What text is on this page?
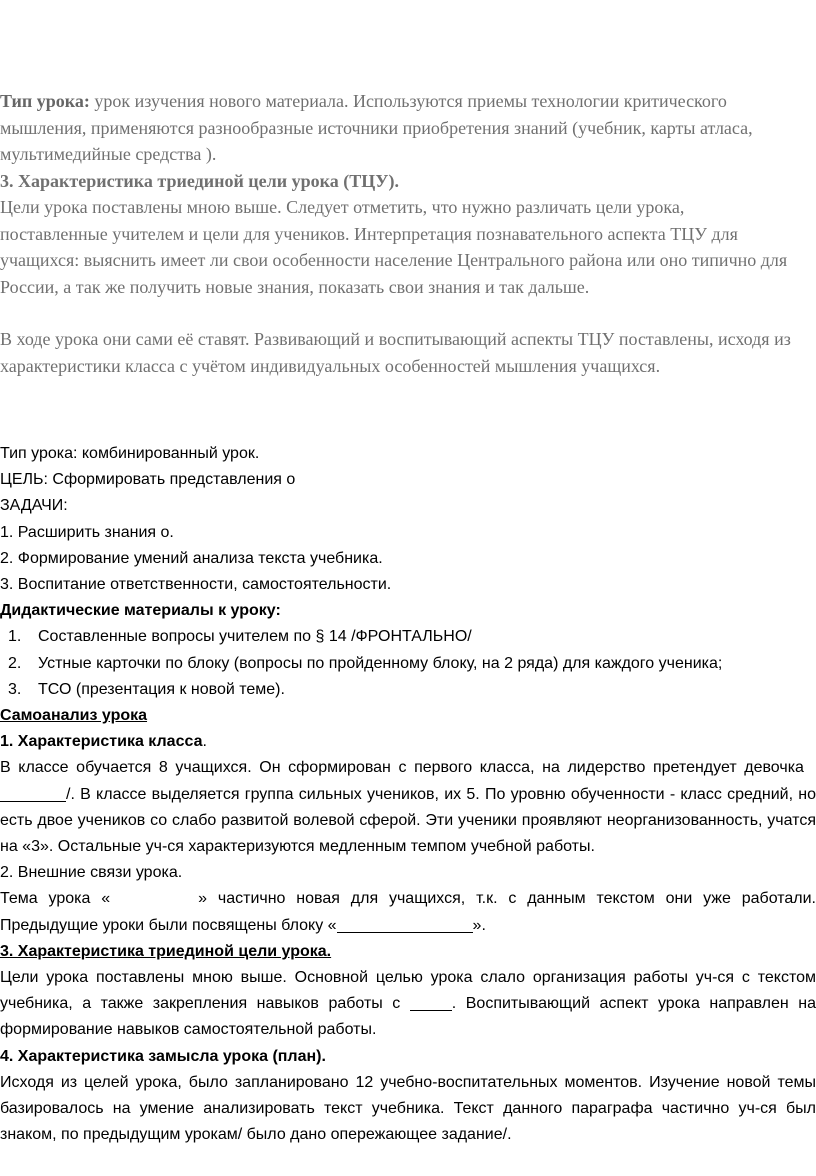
Тип урока: урок изучения нового материала. Используются приемы технологии критического мышления, применяются разнообразные источники приобретения знаний (учебник, карты атласа, мультимедийные средства ).
3. Характеристика триединой цели урока (ТЦУ).
Цели урока поставлены мною выше. Следует отметить, что нужно различать цели урока, поставленные учителем и цели для учеников. Интерпретация познавательного аспекта ТЦУ для учащихся: выяснить имеет ли свои особенности население Центрального района или оно типично для России, а так же получить новые знания, показать свои знания и так дальше.
В ходе урока они сами её ставят. Развивающий и воспитывающий аспекты ТЦУ поставлены, исходя из характеристики класса с учётом индивидуальных особенностей мышления учащихся.
Тип урока: комбинированный урок.
ЦЕЛЬ: Сформировать представления о
ЗАДАЧИ:
1. Расширить знания о.
2. Формирование умений анализа текста учебника.
3. Воспитание ответственности, самостоятельности.
Дидактические материалы к уроку:
1. Составленные вопросы учителем по § 14 /ФРОНТАЛЬНО/
2. Устные карточки по блоку (вопросы по пройденному блоку, на 2 ряда) для каждого ученика;
3. ТСО (презентация к новой теме).
Самоанализ урока
1. Характеристика класса.
В классе обучается 8 учащихся. Он сформирован с первого класса, на лидерство претендует девочка  /. В классе выделяется группа сильных учеников, их 5. По уровню обученности - класс средний, но есть двое учеников со слабо развитой волевой сферой. Эти ученики проявляют неорганизованность, учатся на «3». Остальные уч-ся характеризуются медленным темпом учебной работы.
2. Внешние связи урока.
Тема урока «	» частично новая для учащихся, т.к. с данным текстом они уже работали. Предыдущие уроки были посвящены блоку «	».
3. Характеристика триединой цели урока.
Цели урока поставлены мною выше. Основной целью урока слало организация работы уч-ся с текстом учебника, а также закрепления навыков работы с	. Воспитывающий аспект урока направлен на формирование навыков самостоятельной работы.
4. Характеристика замысла урока (план).
Исходя из целей урока, было запланировано 12 учебно-воспитательных моментов. Изучение новой темы базировалось на умение анализировать текст учебника. Текст данного параграфа частично уч-ся был знаком, по предыдущим урокам/ было дано опережающее задание/.
